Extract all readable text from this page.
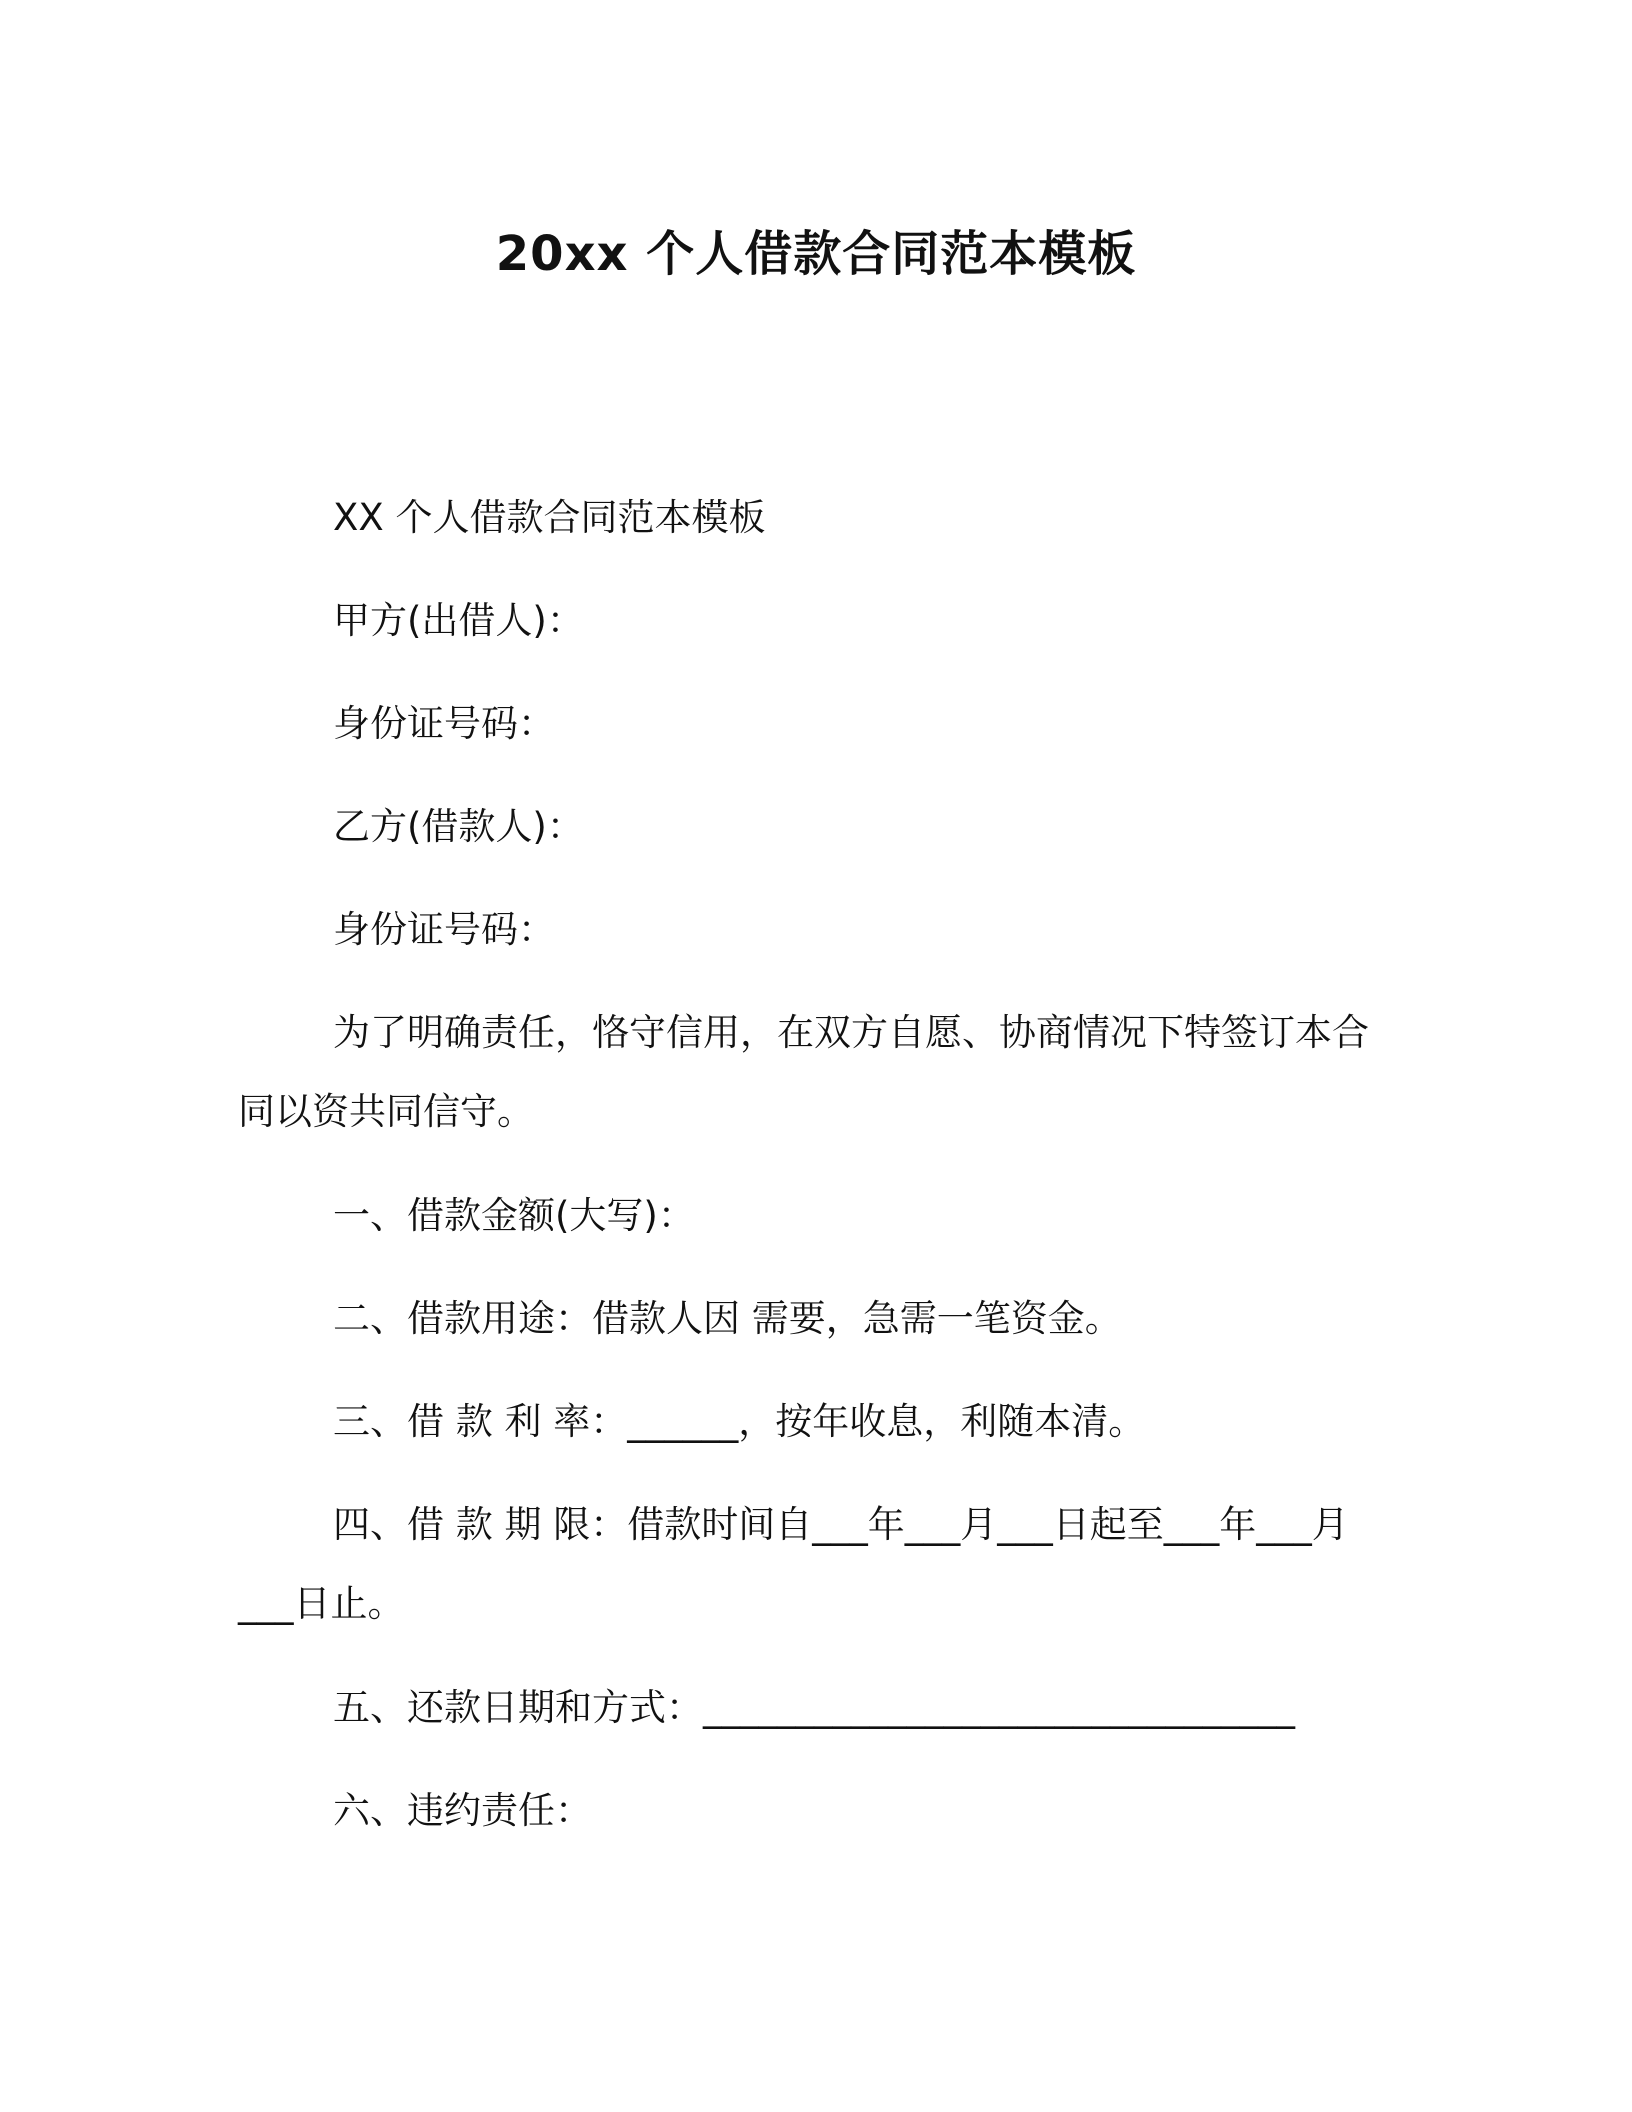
20xx 个人借款合同范本模板
XX 个人借款合同范本模板
甲方(出借人)：
身份证号码：
乙方(借款人)：
身份证号码：
为了明确责任，恪守信用，在双方自愿、协商情况下特签订本合
同以资共同信守。
一、借款金额(大写)：
二、借款用途：借款人因 需要，急需一笔资金。
三、借 款 利 率：______，按年收息，利随本清。
四、借 款 期 限：借款时间自___年___月___日起至___年___月
___日止。
五、还款日期和方式：________________________________
六、违约责任：
